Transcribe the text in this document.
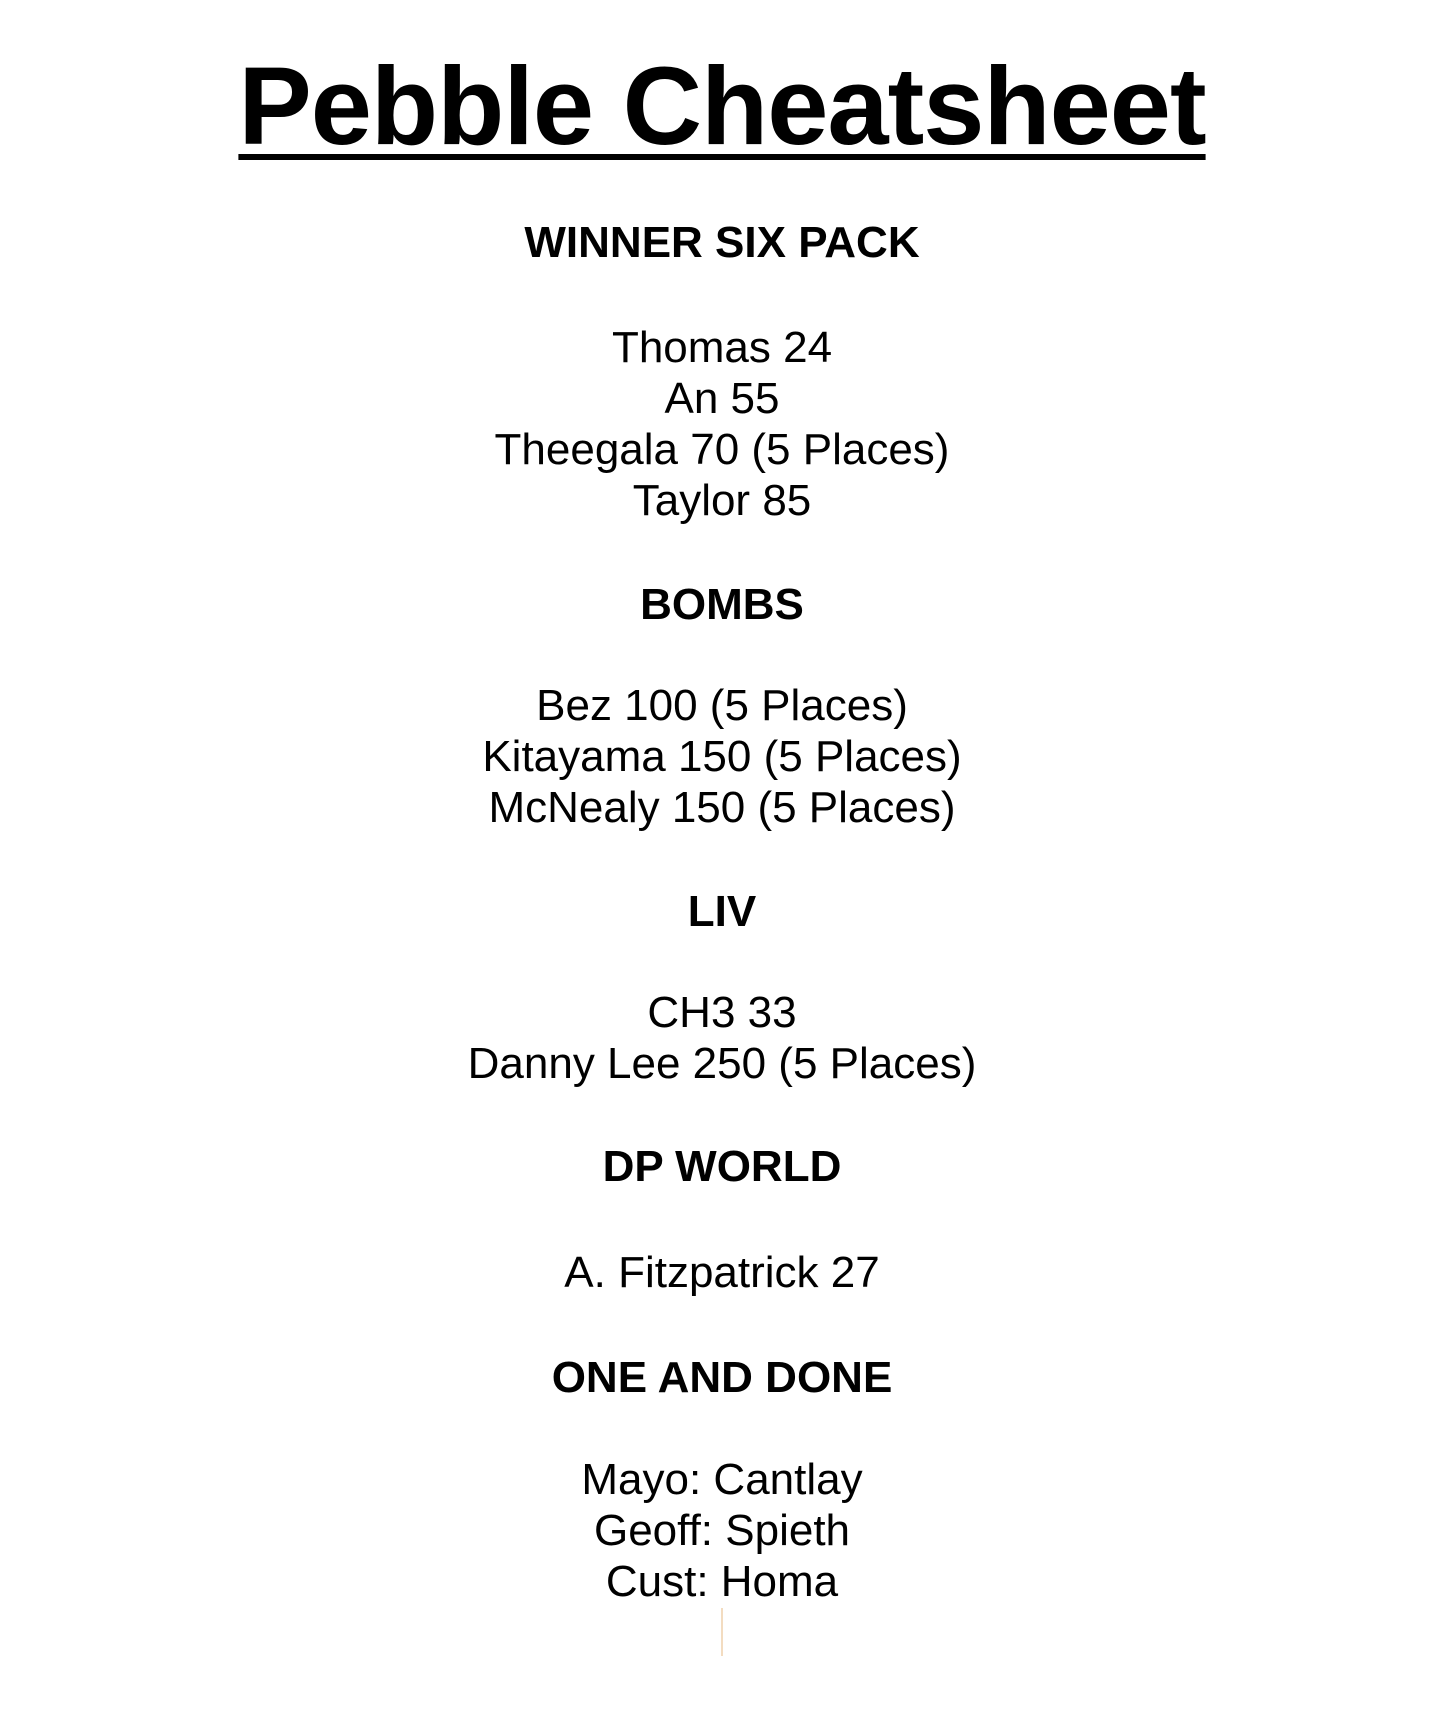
Pebble Cheatsheet
WINNER SIX PACK
Thomas 24
An 55
Theegala 70 (5 Places)
Taylor 85
BOMBS
Bez 100 (5 Places)
Kitayama 150 (5 Places)
McNealy 150 (5 Places)
LIV
CH3 33
Danny Lee 250 (5 Places)
DP WORLD
A. Fitzpatrick 27
ONE AND DONE
Mayo: Cantlay
Geoff: Spieth
Cust: Homa
